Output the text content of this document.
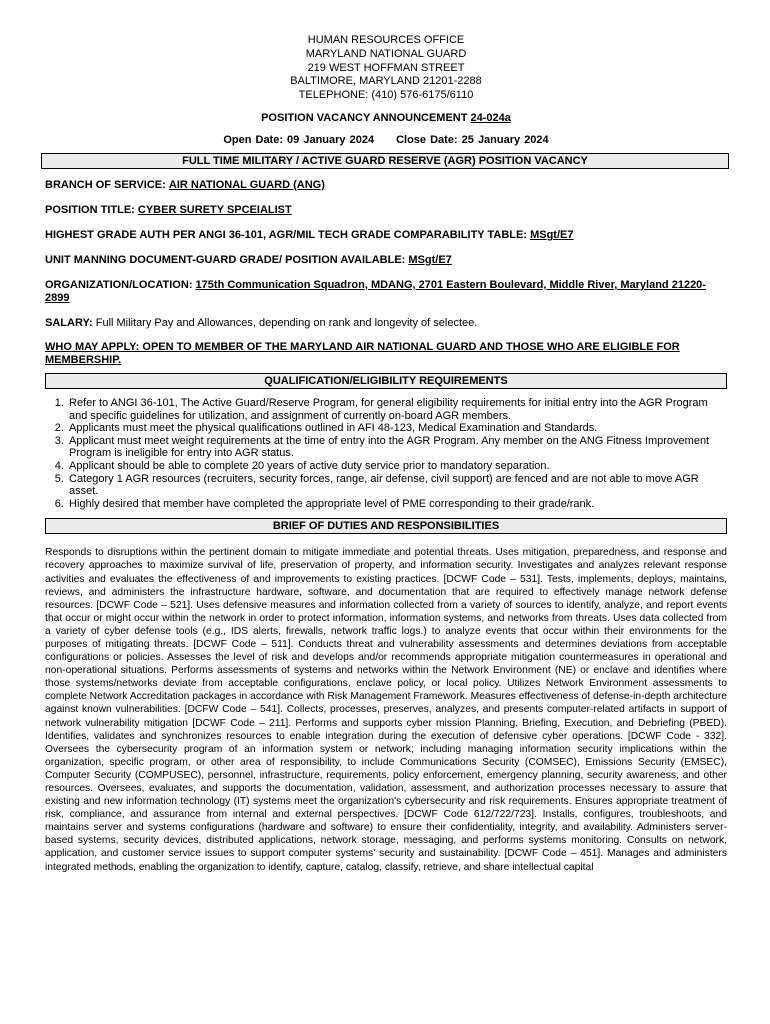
HUMAN RESOURCES OFFICE
MARYLAND NATIONAL GUARD
219 WEST HOFFMAN STREET
BALTIMORE, MARYLAND 21201-2288
TELEPHONE: (410) 576-6175/6110
POSITION VACANCY ANNOUNCEMENT 24-024a
Open Date: 09 January 2024 Close Date: 25 January 2024
FULL TIME MILITARY / ACTIVE GUARD RESERVE (AGR) POSITION VACANCY
BRANCH OF SERVICE: AIR NATIONAL GUARD (ANG)
POSITION TITLE: CYBER SURETY SPCEIALIST
HIGHEST GRADE AUTH PER ANGI 36-101, AGR/MIL TECH GRADE COMPARABILITY TABLE: MSgt/E7
UNIT MANNING DOCUMENT-GUARD GRADE/ POSITION AVAILABLE: MSgt/E7
ORGANIZATION/LOCATION: 175th Communication Squadron, MDANG, 2701 Eastern Boulevard, Middle River, Maryland 21220-2899
SALARY: Full Military Pay and Allowances, depending on rank and longevity of selectee.
WHO MAY APPLY: OPEN TO MEMBER OF THE MARYLAND AIR NATIONAL GUARD AND THOSE WHO ARE ELIGIBLE FOR MEMBERSHIP.
QUALIFICATION/ELIGIBILITY REQUIREMENTS
1. Refer to ANGI 36-101, The Active Guard/Reserve Program, for general eligibility requirements for initial entry into the AGR Program and specific guidelines for utilization, and assignment of currently on-board AGR members.
2. Applicants must meet the physical qualifications outlined in AFI 48-123, Medical Examination and Standards.
3. Applicant must meet weight requirements at the time of entry into the AGR Program. Any member on the ANG Fitness Improvement Program is ineligible for entry into AGR status.
4. Applicant should be able to complete 20 years of active duty service prior to mandatory separation.
5. Category 1 AGR resources (recruiters, security forces, range, air defense, civil support) are fenced and are not able to move AGR asset.
6. Highly desired that member have completed the appropriate level of PME corresponding to their grade/rank.
BRIEF OF DUTIES AND RESPONSIBILITIES
Responds to disruptions within the pertinent domain to mitigate immediate and potential threats. Uses mitigation, preparedness, and response and recovery approaches to maximize survival of life, preservation of property, and information security. Investigates and analyzes relevant response activities and evaluates the effectiveness of and improvements to existing practices. [DCWF Code – 531]. Tests, implements, deploys, maintains, reviews, and administers the infrastructure hardware, software, and documentation that are required to effectively manage network defense resources. [DCWF Code – 521]. Uses defensive measures and information collected from a variety of sources to identify, analyze, and report events that occur or might occur within the network in order to protect information, information systems, and networks from threats. Uses data collected from a variety of cyber defense tools (e.g., IDS alerts, firewalls, network traffic logs.) to analyze events that occur within their environments for the purposes of mitigating threats. [DCWF Code – 511]. Conducts threat and vulnerability assessments and determines deviations from acceptable configurations or policies. Assesses the level of risk and develops and/or recommends appropriate mitigation countermeasures in operational and non-operational situations. Performs assessments of systems and networks within the Network Environment (NE) or enclave and identifies where those systems/networks deviate from acceptable configurations, enclave policy, or local policy. Utilizes Network Environment assessments to complete Network Accreditation packages in accordance with Risk Management Framework. Measures effectiveness of defense-in-depth architecture against known vulnerabilities. [DCFW Code – 541]. Collects, processes, preserves, analyzes, and presents computer-related artifacts in support of network vulnerability mitigation [DCWF Code – 211]. Performs and supports cyber mission Planning, Briefing, Execution, and Debriefing (PBED). Identifies, validates and synchronizes resources to enable integration during the execution of defensive cyber operations. [DCWF Code - 332]. Oversees the cybersecurity program of an information system or network; including managing information security implications within the organization, specific program, or other area of responsibility, to include Communications Security (COMSEC), Emissions Security (EMSEC), Computer Security (COMPUSEC), personnel, infrastructure, requirements, policy enforcement, emergency planning, security awareness, and other resources. Oversees, evaluates, and supports the documentation, validation, assessment, and authorization processes necessary to assure that existing and new information technology (IT) systems meet the organization's cybersecurity and risk requirements. Ensures appropriate treatment of risk, compliance, and assurance from internal and external perspectives. [DCWF Code 612/722/723]. Installs, configures, troubleshoots, and maintains server and systems configurations (hardware and software) to ensure their confidentiality, integrity, and availability. Administers server-based systems, security devices, distributed applications, network storage, messaging, and performs systems monitoring. Consults on network, application, and customer service issues to support computer systems' security and sustainability. [DCWF Code – 451]. Manages and administers integrated methods, enabling the organization to identify, capture, catalog, classify, retrieve, and share intellectual capital
